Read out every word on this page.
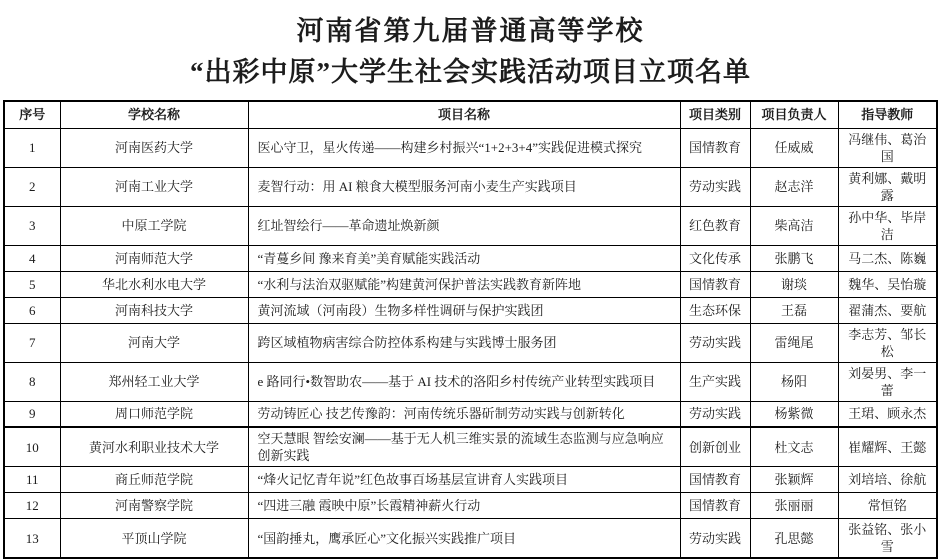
河南省第九届普通高等学校
“出彩中原”大学生社会实践活动项目立项名单
序号	学校名称	项目名称	项目类别	项目负责人	指导教师
1	河南医药大学	医心守卫，星火传递——构建乡村振兴“1+2+3+4”实践促进模式探究	国情教育	任威威	冯继伟、葛治国
2	河南工业大学	麦智行动：用 AI 粮食大模型服务河南小麦生产实践项目	劳动实践	赵志洋	黄利娜、戴明露
3	中原工学院	红址智绘行——革命遗址焕新颜	红色教育	柴高洁	孙中华、毕岸洁
4	河南师范大学	“青蔓乡间 豫来育美”美育赋能实践活动	文化传承	张鹏飞	马二杰、陈巍
5	华北水利水电大学	“水利与法治双驱赋能”构建黄河保护普法实践教育新阵地	国情教育	谢琰	魏华、吴怡璇
6	河南科技大学	黄河流域（河南段）生物多样性调研与保护实践团	生态环保	王磊	翟蒲杰、要航
7	河南大学	跨区域植物病害综合防控体系构建与实践博士服务团	劳动实践	雷绳尾	李志芳、邹长松
8	郑州轻工业大学	e 路同行•数智助农——基于 AI 技术的洛阳乡村传统产业转型实践项目	生产实践	杨阳	刘晏男、李一蕾
9	周口师范学院	劳动铸匠心 技艺传豫韵：河南传统乐器斫制劳动实践与创新转化	劳动实践	杨紫微	王珺、顾永杰
10	黄河水利职业技术大学	空天慧眼 智绘安澜——基于无人机三维实景的流域生态监测与应急响应创新实践	创新创业	杜文志	崔耀辉、王懿
11	商丘师范学院	“烽火记忆青年说”红色故事百场基层宣讲育人实践项目	国情教育	张颖辉	刘培培、徐航
12	河南警察学院	“四进三融 霞映中原”长霞精神薪火行动	国情教育	张丽丽	常恒铭
13	平顶山学院	“国韵捶丸，鹰承匠心”文化振兴实践推广项目	劳动实践	孔思懿	张益铭、张小雪
